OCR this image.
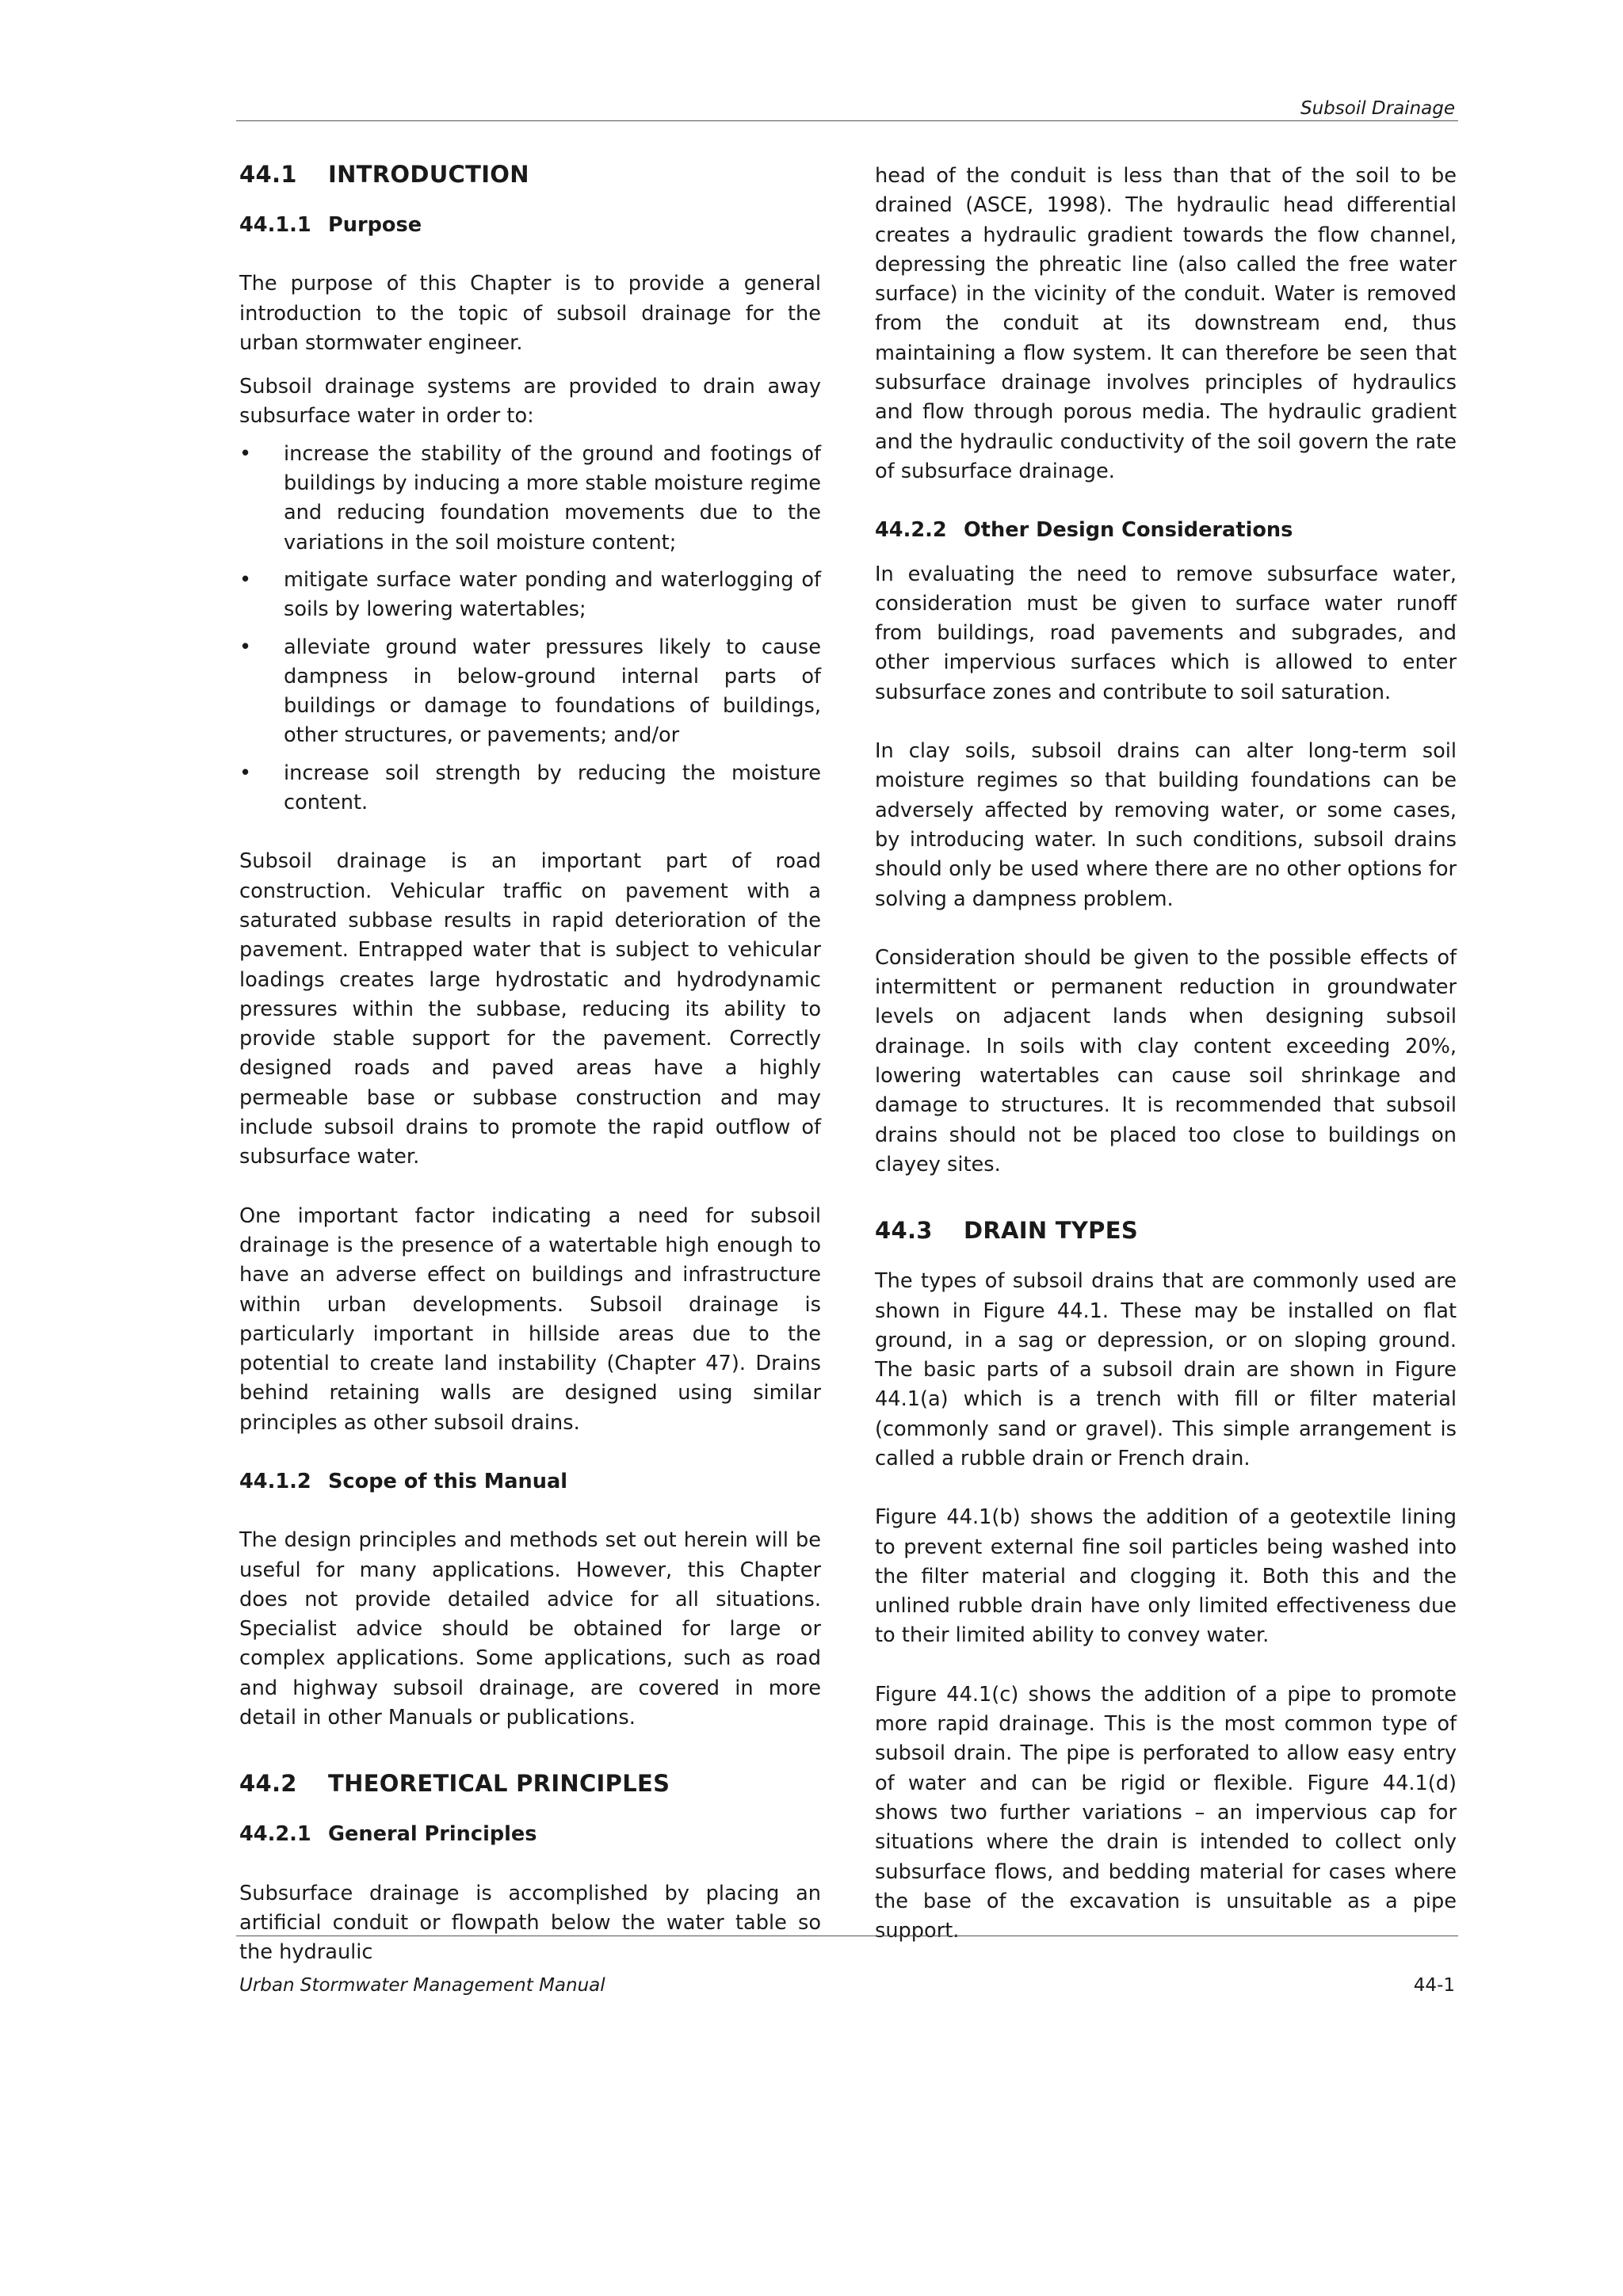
Subsoil Drainage
44.1 INTRODUCTION
44.1.1 Purpose

The purpose of this Chapter is to provide a general introduction to the topic of subsoil drainage for the urban stormwater engineer.

Subsoil drainage systems are provided to drain away subsurface water in order to:

• increase the stability of the ground and footings of buildings by inducing a more stable moisture regime and reducing foundation movements due to the variations in the soil moisture content;
• mitigate surface water ponding and waterlogging of soils by lowering watertables;
• alleviate ground water pressures likely to cause dampness in below-ground internal parts of buildings or damage to foundations of buildings, other structures, or pavements; and/or
• increase soil strength by reducing the moisture content.

Subsoil drainage is an important part of road construction. Vehicular traffic on pavement with a saturated subbase results in rapid deterioration of the pavement. Entrapped water that is subject to vehicular loadings creates large hydrostatic and hydrodynamic pressures within the subbase, reducing its ability to provide stable support for the pavement. Correctly designed roads and paved areas have a highly permeable base or subbase construction and may include subsoil drains to promote the rapid outflow of subsurface water.

One important factor indicating a need for subsoil drainage is the presence of a watertable high enough to have an adverse effect on buildings and infrastructure within urban developments. Subsoil drainage is particularly important in hillside areas due to the potential to create land instability (Chapter 47). Drains behind retaining walls are designed using similar principles as other subsoil drains.

44.1.2 Scope of this Manual

The design principles and methods set out herein will be useful for many applications. However, this Chapter does not provide detailed advice for all situations. Specialist advice should be obtained for large or complex applications. Some applications, such as road and highway subsoil drainage, are covered in more detail in other Manuals or publications.

44.2 THEORETICAL PRINCIPLES
44.2.1 General Principles

Subsurface drainage is accomplished by placing an artificial conduit or flowpath below the water table so the hydraulic

head of the conduit is less than that of the soil to be drained (ASCE, 1998). The hydraulic head differential creates a hydraulic gradient towards the flow channel, depressing the phreatic line (also called the free water surface) in the vicinity of the conduit. Water is removed from the conduit at its downstream end, thus maintaining a flow system. It can therefore be seen that subsurface drainage involves principles of hydraulics and flow through porous media. The hydraulic gradient and the hydraulic conductivity of the soil govern the rate of subsurface drainage.

44.2.2 Other Design Considerations

In evaluating the need to remove subsurface water, consideration must be given to surface water runoff from buildings, road pavements and subgrades, and other impervious surfaces which is allowed to enter subsurface zones and contribute to soil saturation.

In clay soils, subsoil drains can alter long-term soil moisture regimes so that building foundations can be adversely affected by removing water, or some cases, by introducing water. In such conditions, subsoil drains should only be used where there are no other options for solving a dampness problem.

Consideration should be given to the possible effects of intermittent or permanent reduction in groundwater levels on adjacent lands when designing subsoil drainage. In soils with clay content exceeding 20%, lowering watertables can cause soil shrinkage and damage to structures. It is recommended that subsoil drains should not be placed too close to buildings on clayey sites.

44.3 DRAIN TYPES

The types of subsoil drains that are commonly used are shown in Figure 44.1. These may be installed on flat ground, in a sag or depression, or on sloping ground. The basic parts of a subsoil drain are shown in Figure 44.1(a) which is a trench with fill or filter material (commonly sand or gravel). This simple arrangement is called a rubble drain or French drain.

Figure 44.1(b) shows the addition of a geotextile lining to prevent external fine soil particles being washed into the filter material and clogging it. Both this and the unlined rubble drain have only limited effectiveness due to their limited ability to convey water.

Figure 44.1(c) shows the addition of a pipe to promote more rapid drainage. This is the most common type of subsoil drain. The pipe is perforated to allow easy entry of water and can be rigid or flexible. Figure 44.1(d) shows two further variations – an impervious cap for situations where the drain is intended to collect only subsurface flows, and bedding material for cases where the base of the excavation is unsuitable as a pipe support.

Urban Stormwater Management Manual	44-1
